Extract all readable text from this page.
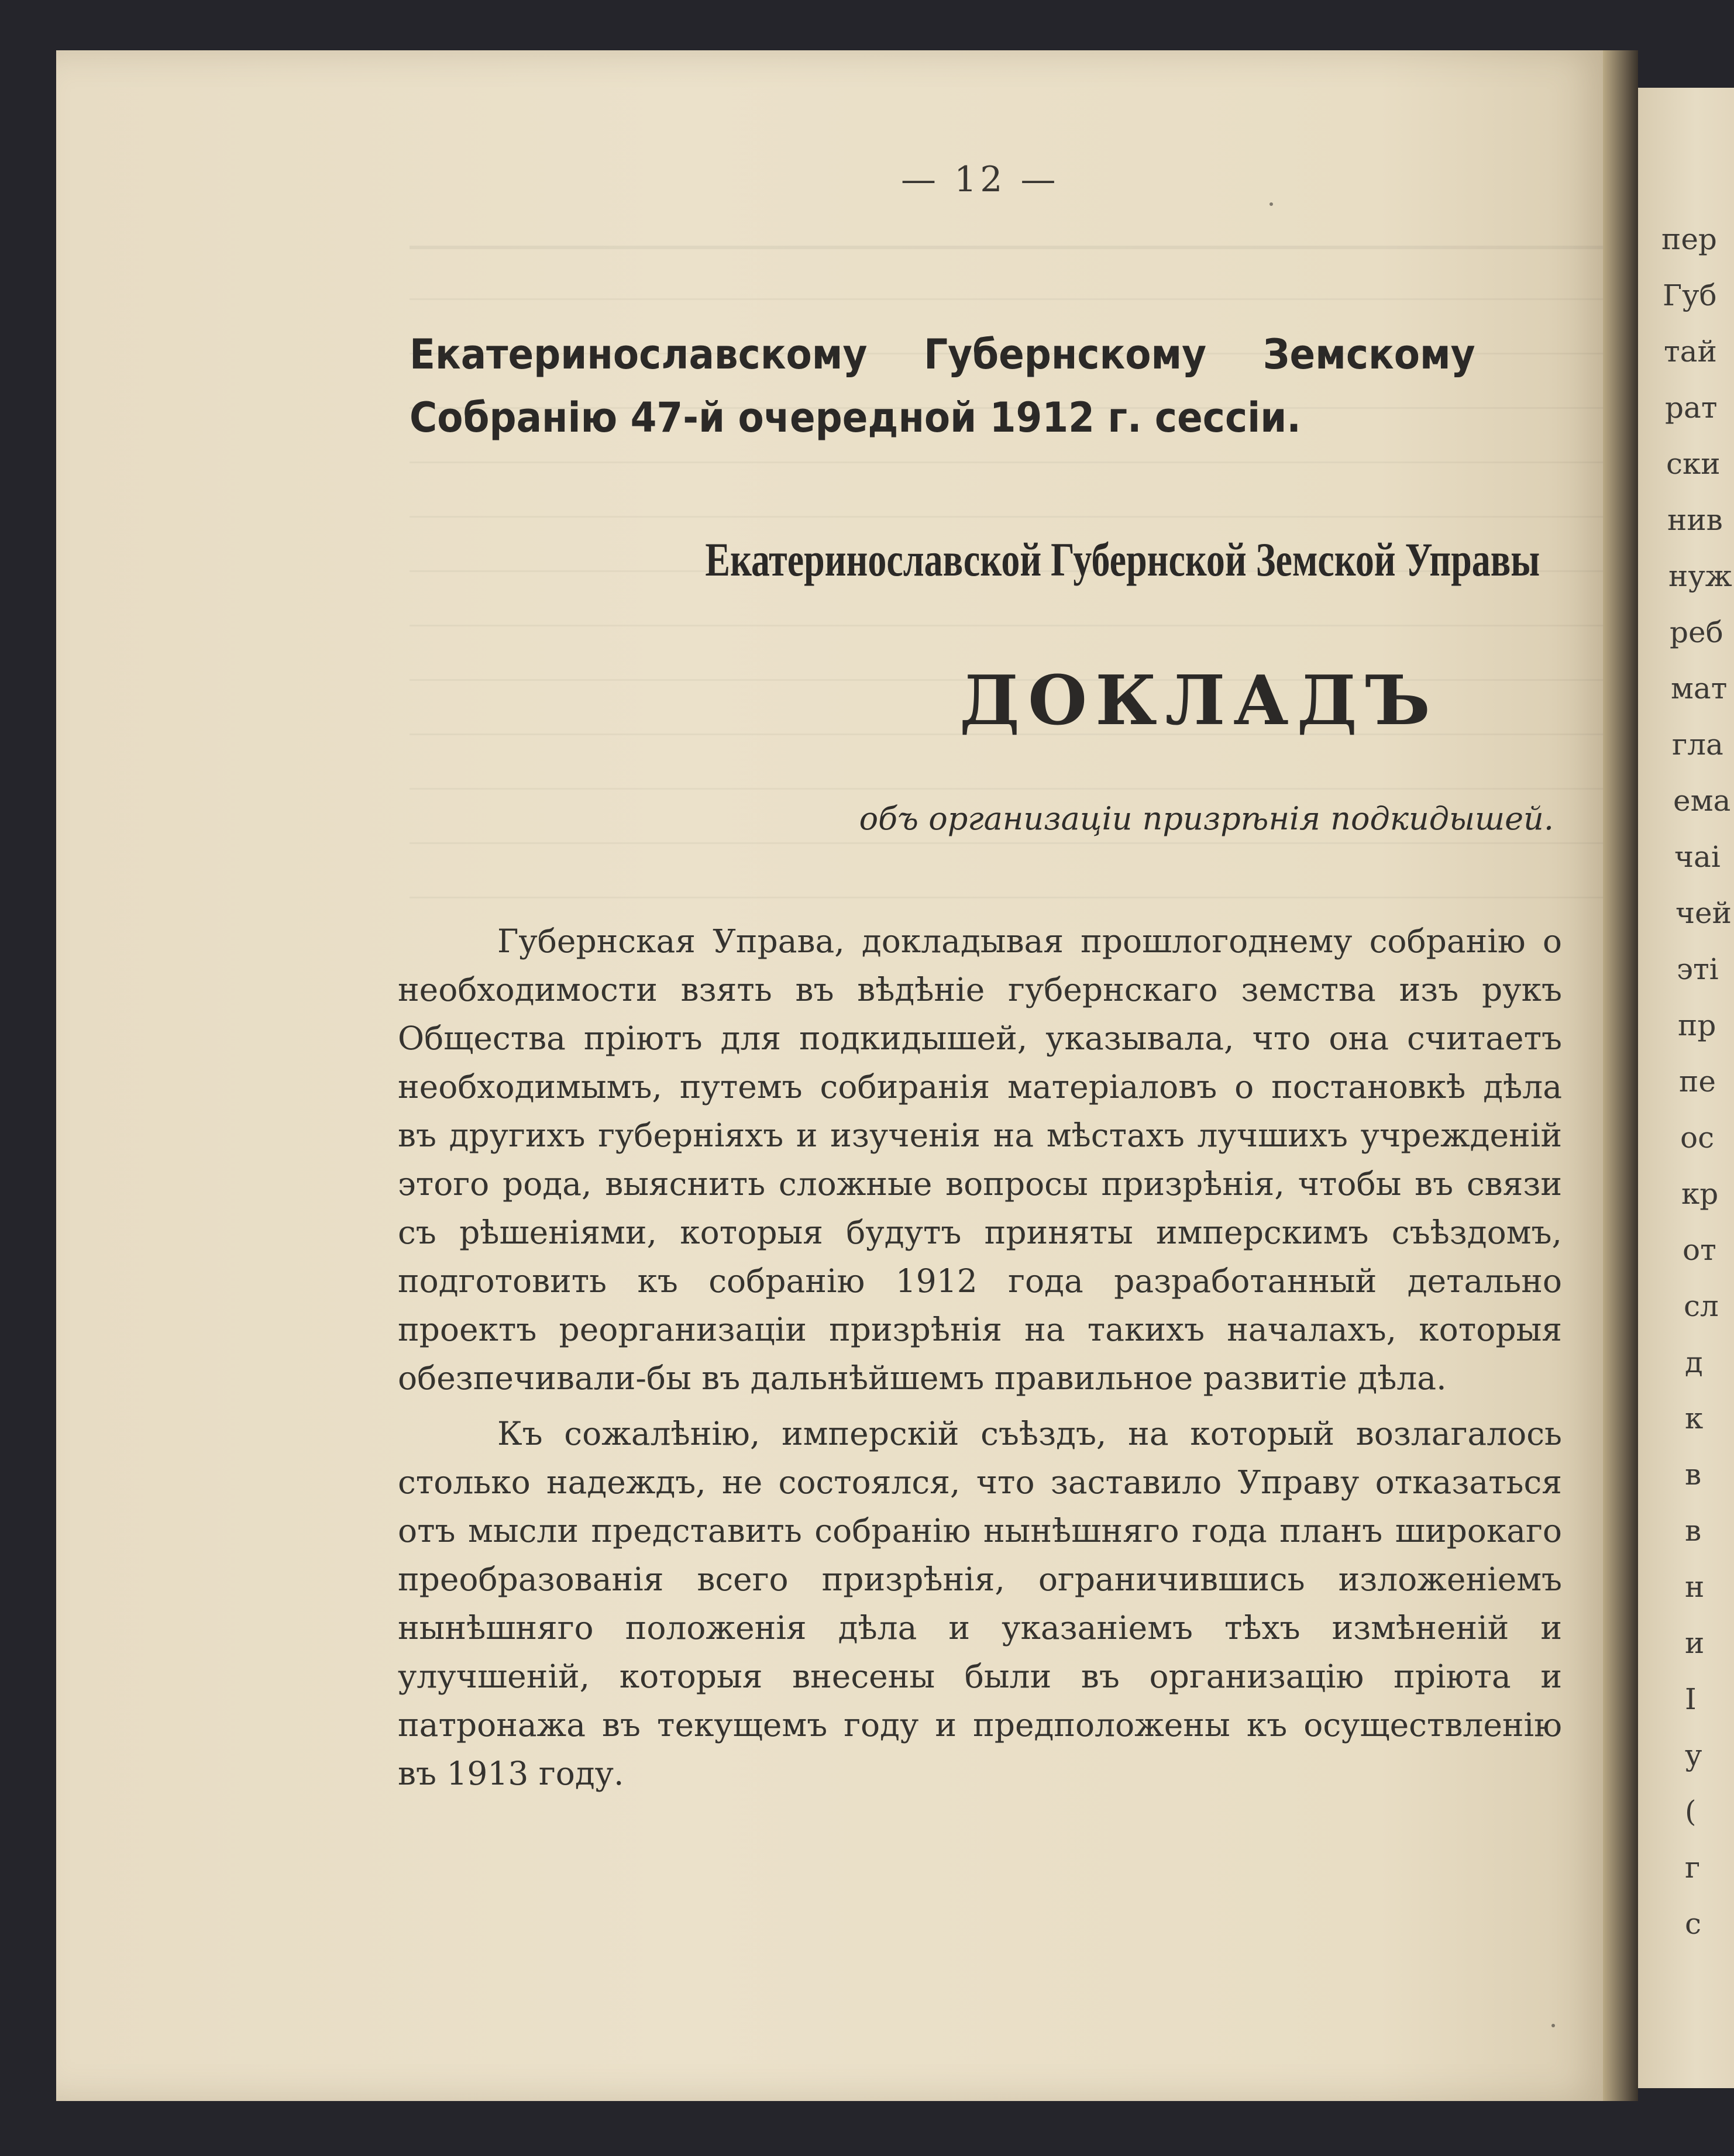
пер
Губ
тай
рат
ски
нив
нуж
реб
мат
гла
ема
чаі
чей
эті
пр
пе
ос
кр
от
сл
д
к
в
в
н
и
I
у
(
г
с
— 12 —
Екатеринославскому Губернскому Земскому Собранію 47-й очередной 1912 г. сессіи.
Екатеринославской Губернской Земской Управы
ДОКЛАДЪ
объ организаціи призрѣнія подкидышей.

Губернская Управа, докладывая прошлогоднему собранію о необходимости взять въ вѣдѣніе губернскаго земства изъ рукъ Общества пріютъ для подкидышей, указывала, что она считаетъ необходимымъ, путемъ собиранія матеріаловъ о постановкѣ дѣла въ другихъ губерніяхъ и изученія на мѣстахъ лучшихъ учрежденій этого рода, выяснить сложные вопросы призрѣнія, чтобы въ связи съ рѣшеніями, которыя будутъ приняты имперскимъ съѣздомъ, подготовить къ собранію 1912 года разработанный детально проектъ реорганизаціи призрѣнія на такихъ началахъ, которыя обезпечивали-бы въ дальнѣйшемъ правильное развитіе дѣла.

Къ сожалѣнію, имперскій съѣздъ, на который возлагалось столько надеждъ, не состоялся, что заставило Управу отказаться отъ мысли представить собранію нынѣшняго года планъ широкаго преобразованія всего призрѣнія, ограничившись изложеніемъ нынѣшняго положенія дѣла и указаніемъ тѣхъ измѣненій и улучшеній, которыя внесены были въ организацію пріюта и патронажа въ текущемъ году и предположены къ осуществленію въ 1913 году.
